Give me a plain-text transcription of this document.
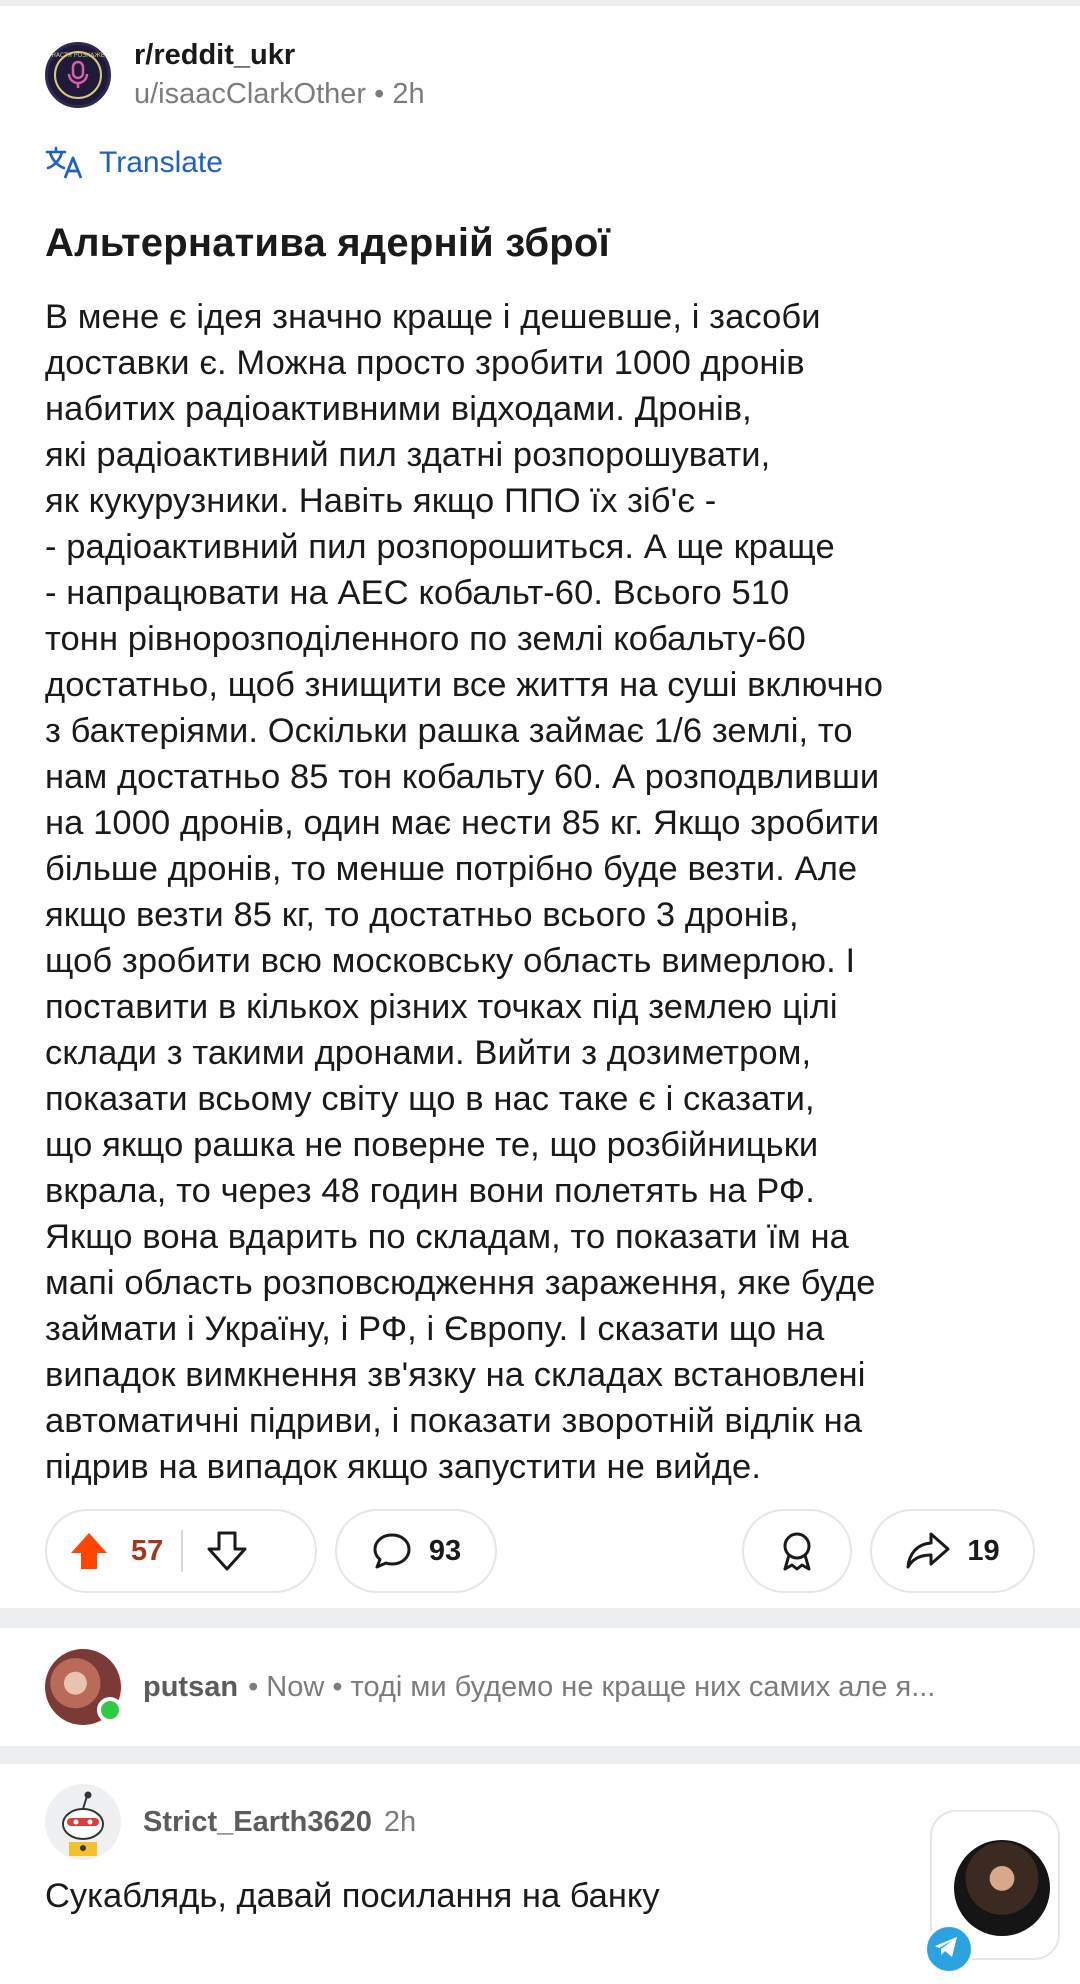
НАСТЯ РОЗКАЖЕ r/reddit_ukr
u/isaacClarkOther • 2h
Translate
Альтернатива ядерній зброї
В мене є ідея значно краще і дешевше, і засоби
доставки є. Можна просто зробити 1000 дронів
набитих радіоактивними відходами. Дронів,
які радіоактивний пил здатні розпорошувати,
як кукурузники. Навіть якщо ППО їх зіб'є -
- радіоактивний пил розпорошиться. А ще краще
- напрацювати на АЕС кобальт-60. Всього 510
тонн рівнорозподіленного по землі кобальту-60
достатньо, щоб знищити все життя на суші включно
з бактеріями. Оскільки рашка займає 1/6 землі, то
нам достатньо 85 тон кобальту 60. А розподвливши
на 1000 дронів, один має нести 85 кг. Якщо зробити
більше дронів, то менше потрібно буде везти. Але
якщо везти 85 кг, то достатньо всього 3 дронів,
щоб зробити всю московську область вимерлою. І
поставити в кількох різних точках під землею цілі
склади з такими дронами. Вийти з дозиметром,
показати всьому світу що в нас таке є і сказати,
що якщо рашка не поверне те, що розбійницьки
вкрала, то через 48 годин вони полетять на РФ.
Якщо вона вдарить по складам, то показати їм на
мапі область розповсюдження зараження, яке буде
займати і Україну, і РФ, і Європу. І сказати що на
випадок вимкнення зв'язку на складах встановлені
автоматичні підриви, і показати зворотній відлік на
підрив на випадок якщо запустити не вийде.
57	93	19
putsan • Now • тоді ми будемо не краще них самих але я...
Strict_Earth3620 2h
Сукаблядь, давай посилання на банку
